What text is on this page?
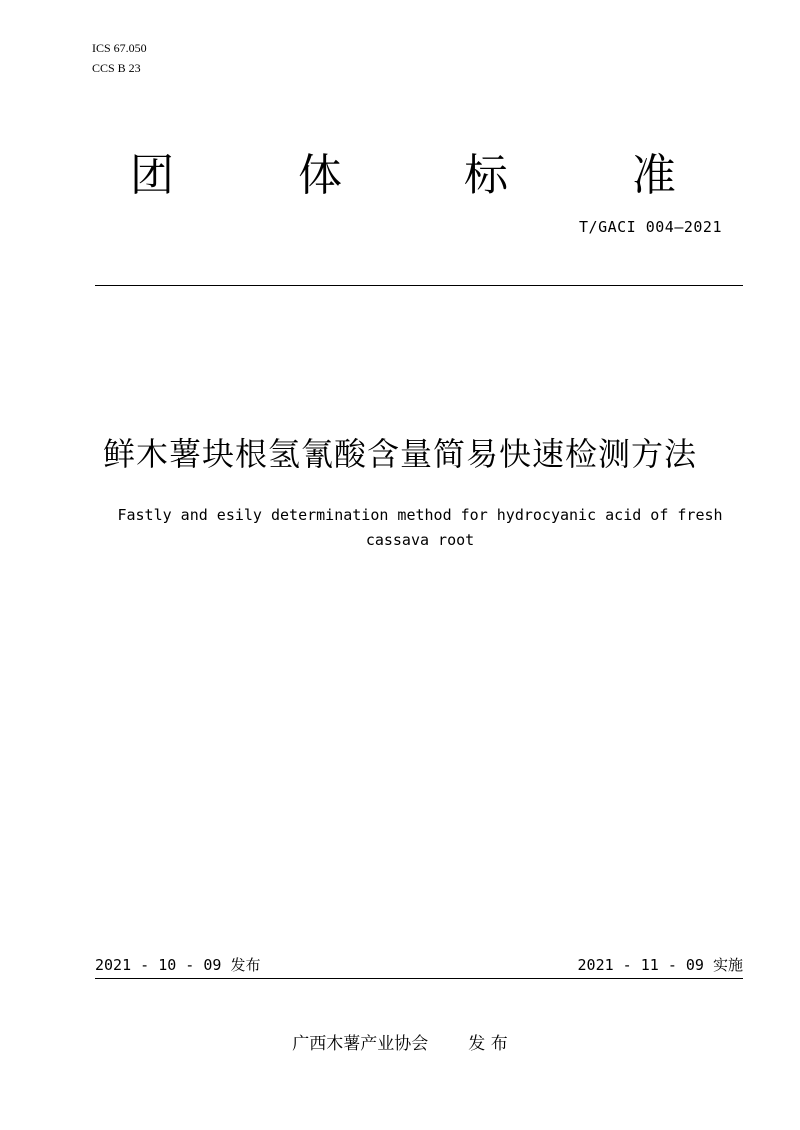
ICS 67.050
CCS B 23
团	体	标	准
T/GACI 004—2021
鲜木薯块根氢氰酸含量简易快速检测方法
Fastly and esily determination method for hydrocyanic acid of fresh cassava root
2021 - 10 - 09 发布	2021 - 11 - 09 实施
广西木薯产业协会 发 布
